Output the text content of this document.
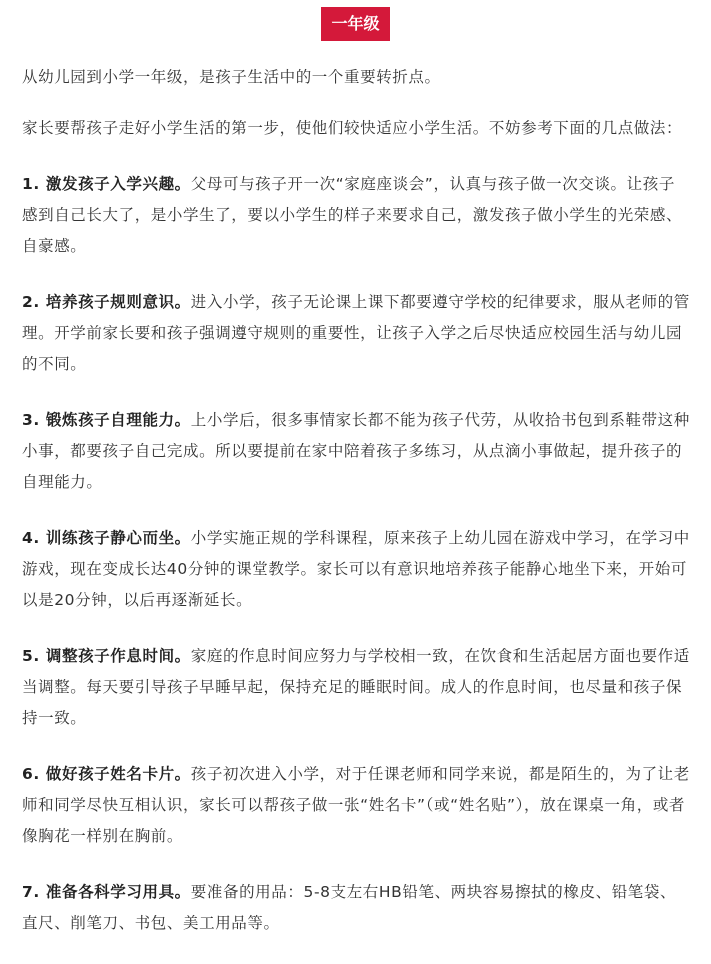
一年级

从幼儿园到小学一年级，是孩子生活中的一个重要转折点。

家长要帮孩子走好小学生活的第一步，使他们较快适应小学生活。不妨参考下面的几点做法：

1. 激发孩子入学兴趣。父母可与孩子开一次“家庭座谈会”，认真与孩子做一次交谈。让孩子感到自己长大了，是小学生了，要以小学生的样子来要求自己，激发孩子做小学生的光荣感、自豪感。

2. 培养孩子规则意识。进入小学，孩子无论课上课下都要遵守学校的纪律要求，服从老师的管理。开学前家长要和孩子强调遵守规则的重要性，让孩子入学之后尽快适应校园生活与幼儿园的不同。

3. 锻炼孩子自理能力。上小学后，很多事情家长都不能为孩子代劳，从收拾书包到系鞋带这种小事，都要孩子自己完成。所以要提前在家中陪着孩子多练习，从点滴小事做起，提升孩子的自理能力。

4. 训练孩子静心而坐。小学实施正规的学科课程，原来孩子上幼儿园在游戏中学习，在学习中游戏，现在变成长达40分钟的课堂教学。家长可以有意识地培养孩子能静心地坐下来，开始可以是20分钟，以后再逐渐延长。

5. 调整孩子作息时间。家庭的作息时间应努力与学校相一致，在饮食和生活起居方面也要作适当调整。每天要引导孩子早睡早起，保持充足的睡眠时间。成人的作息时间，也尽量和孩子保持一致。

6. 做好孩子姓名卡片。孩子初次进入小学，对于任课老师和同学来说，都是陌生的，为了让老师和同学尽快互相认识，家长可以帮孩子做一张“姓名卡”（或“姓名贴”），放在课桌一角，或者像胸花一样别在胸前。

7. 准备各科学习用具。要准备的用品：5-8支左右HB铅笔、两块容易擦拭的橡皮、铅笔袋、直尺、削笔刀、书包、美工用品等。
